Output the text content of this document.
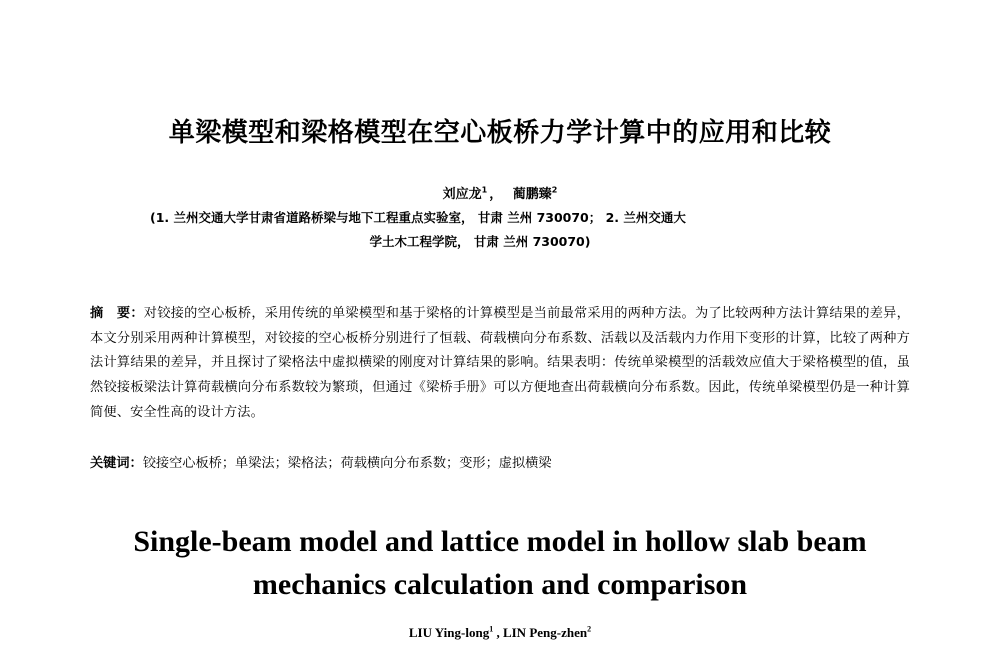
单梁模型和梁格模型在空心板桥力学计算中的应用和比较
刘应龙$^1$ ， 蔺鹏臻$^2$
(1. 兰州交通大学甘肃省道路桥梁与地下工程重点实验室， 甘肃 兰州 730070； 2. 兰州交通大
学土木工程学院， 甘肃 兰州 730070)
摘　要：对铰接的空心板桥，采用传统的单梁模型和基于梁格的计算模型是当前最常采用的两种方法。为了比较两种方法计算结果的差异，本文分别采用两种计算模型，对铰接的空心板桥分别进行了恒载、荷载横向分布系数、活载以及活载内力作用下变形的计算，比较了两种方法计算结果的差异，并且探讨了梁格法中虚拟横梁的刚度对计算结果的影响。结果表明：传统单梁模型的活载效应值大于梁格模型的值，虽然铰接板梁法计算荷载横向分布系数较为繁琐，但通过《梁桥手册》可以方便地查出荷载横向分布系数。因此，传统单梁模型仍是一种计算简便、安全性高的设计方法。
关键词：铰接空心板桥；单梁法；梁格法；荷载横向分布系数；变形；虚拟横梁
Single-beam model and lattice model in hollow slab beam
mechanics calculation and comparison
LIU Ying-long$^1$ , LIN Peng-zhen$^2$
